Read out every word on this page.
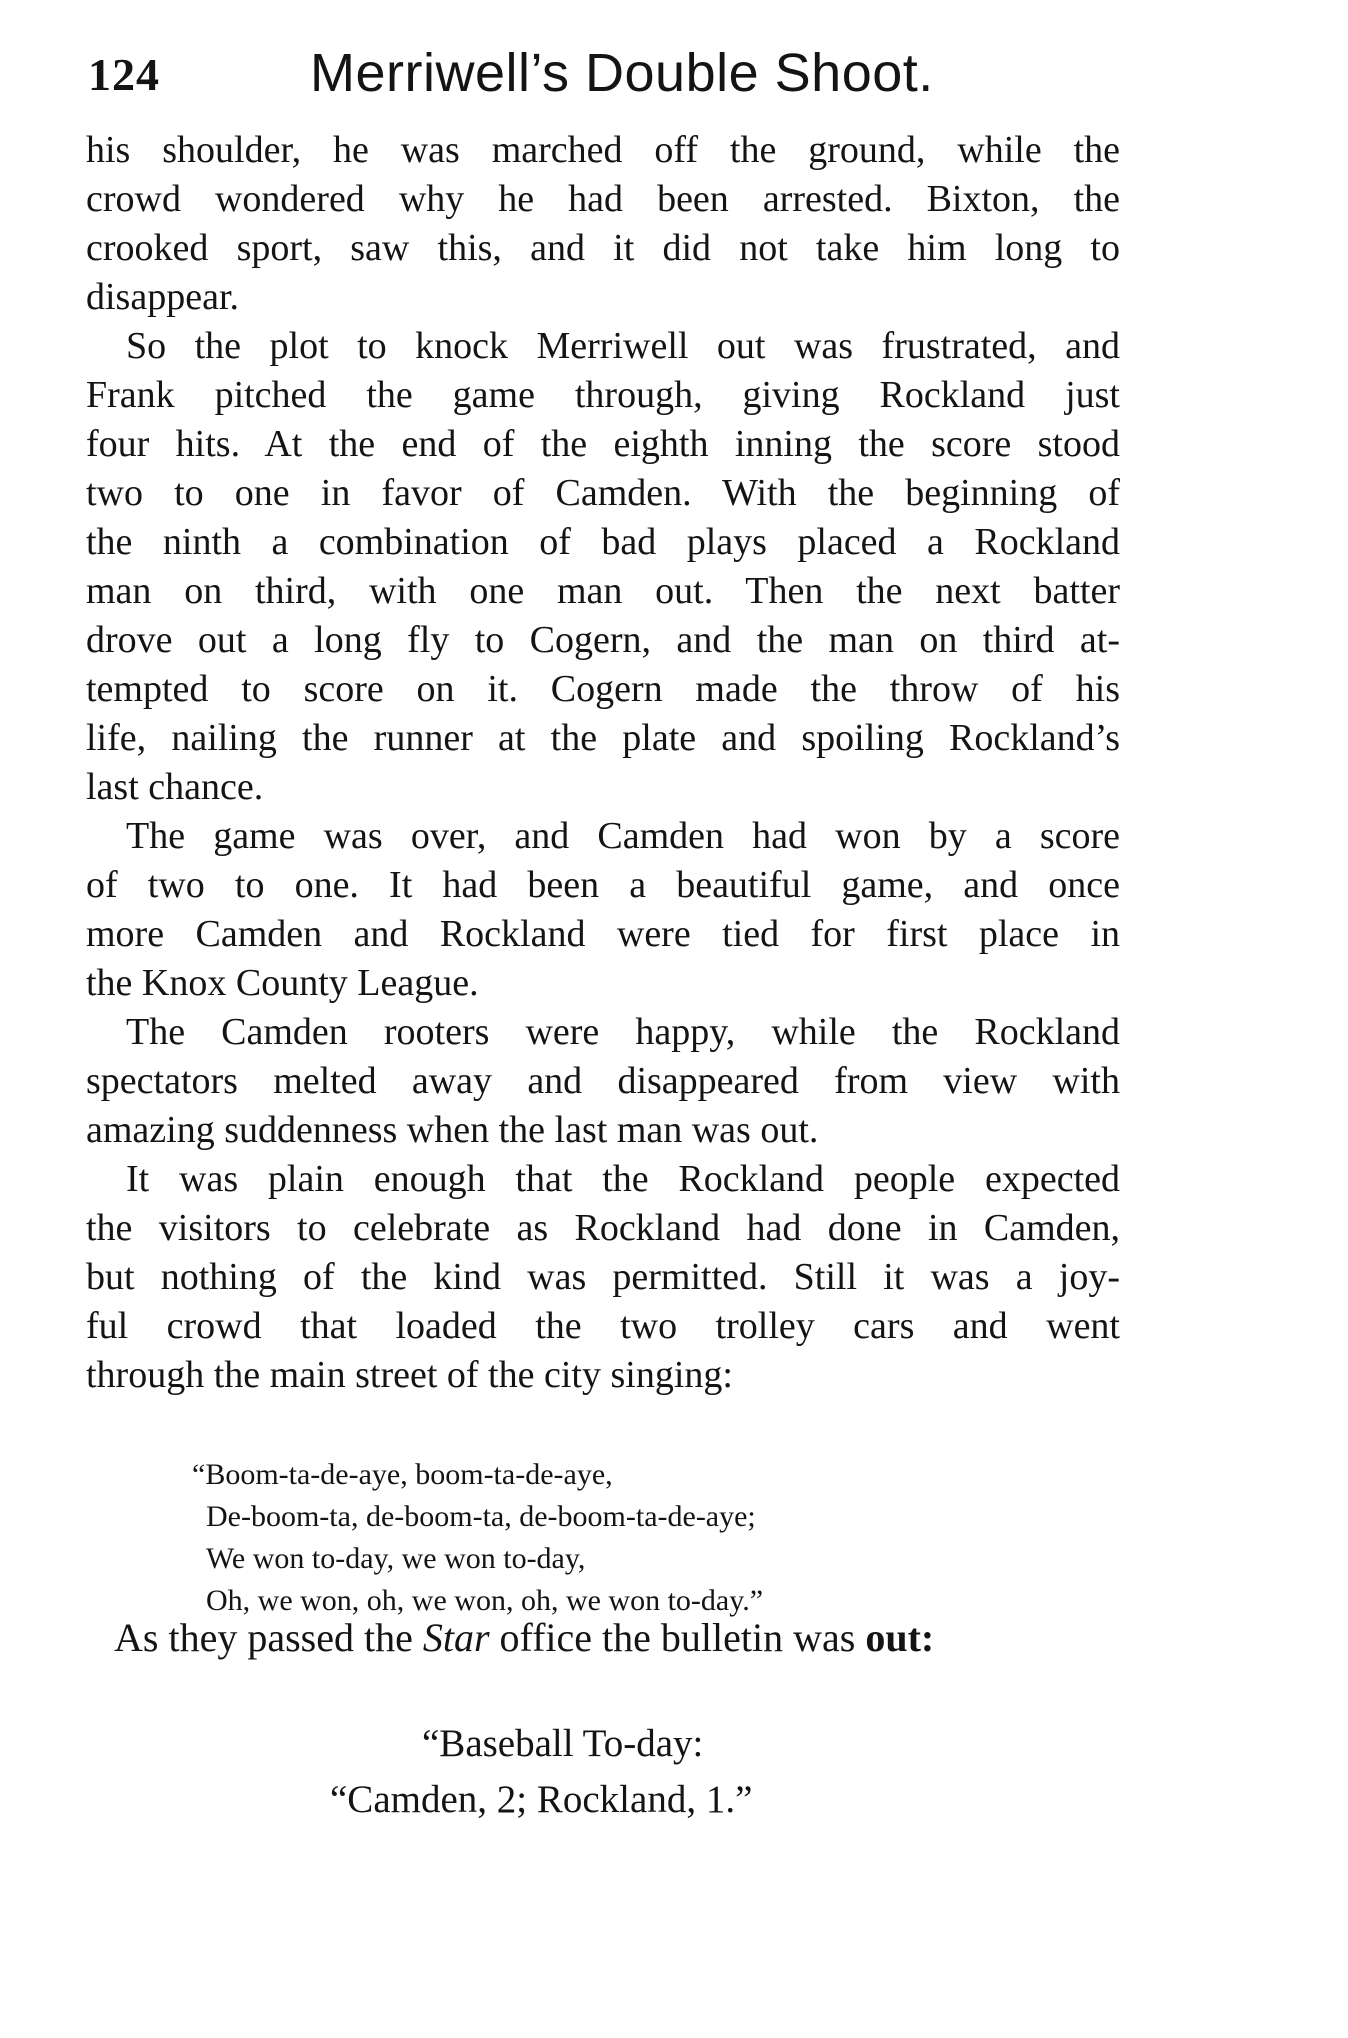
124	Merriwell’s Double Shoot.
his shoulder, he was marched off the ground, while the
crowd wondered why he had been arrested. Bixton, the
crooked sport, saw this, and it did not take him long to
disappear.
So the plot to knock Merriwell out was frustrated, and
Frank pitched the game through, giving Rockland just
four hits. At the end of the eighth inning the score stood
two to one in favor of Camden. With the beginning of
the ninth a combination of bad plays placed a Rockland
man on third, with one man out. Then the next batter
drove out a long fly to Cogern, and the man on third at-
tempted to score on it. Cogern made the throw of his
life, nailing the runner at the plate and spoiling Rockland’s
last chance.
The game was over, and Camden had won by a score
of two to one. It had been a beautiful game, and once
more Camden and Rockland were tied for first place in
the Knox County League.
The Camden rooters were happy, while the Rockland
spectators melted away and disappeared from view with
amazing suddenness when the last man was out.
It was plain enough that the Rockland people expected
the visitors to celebrate as Rockland had done in Camden,
but nothing of the kind was permitted. Still it was a joy-
ful crowd that loaded the two trolley cars and went
through the main street of the city singing:
“Boom-ta-de-aye, boom-ta-de-aye,
De-boom-ta, de-boom-ta, de-boom-ta-de-aye;
We won to-day, we won to-day,
Oh, we won, oh, we won, oh, we won to-day.”
As they passed the Star office the bulletin was out:
“Baseball To-day:
“Camden, 2; Rockland, 1.”
